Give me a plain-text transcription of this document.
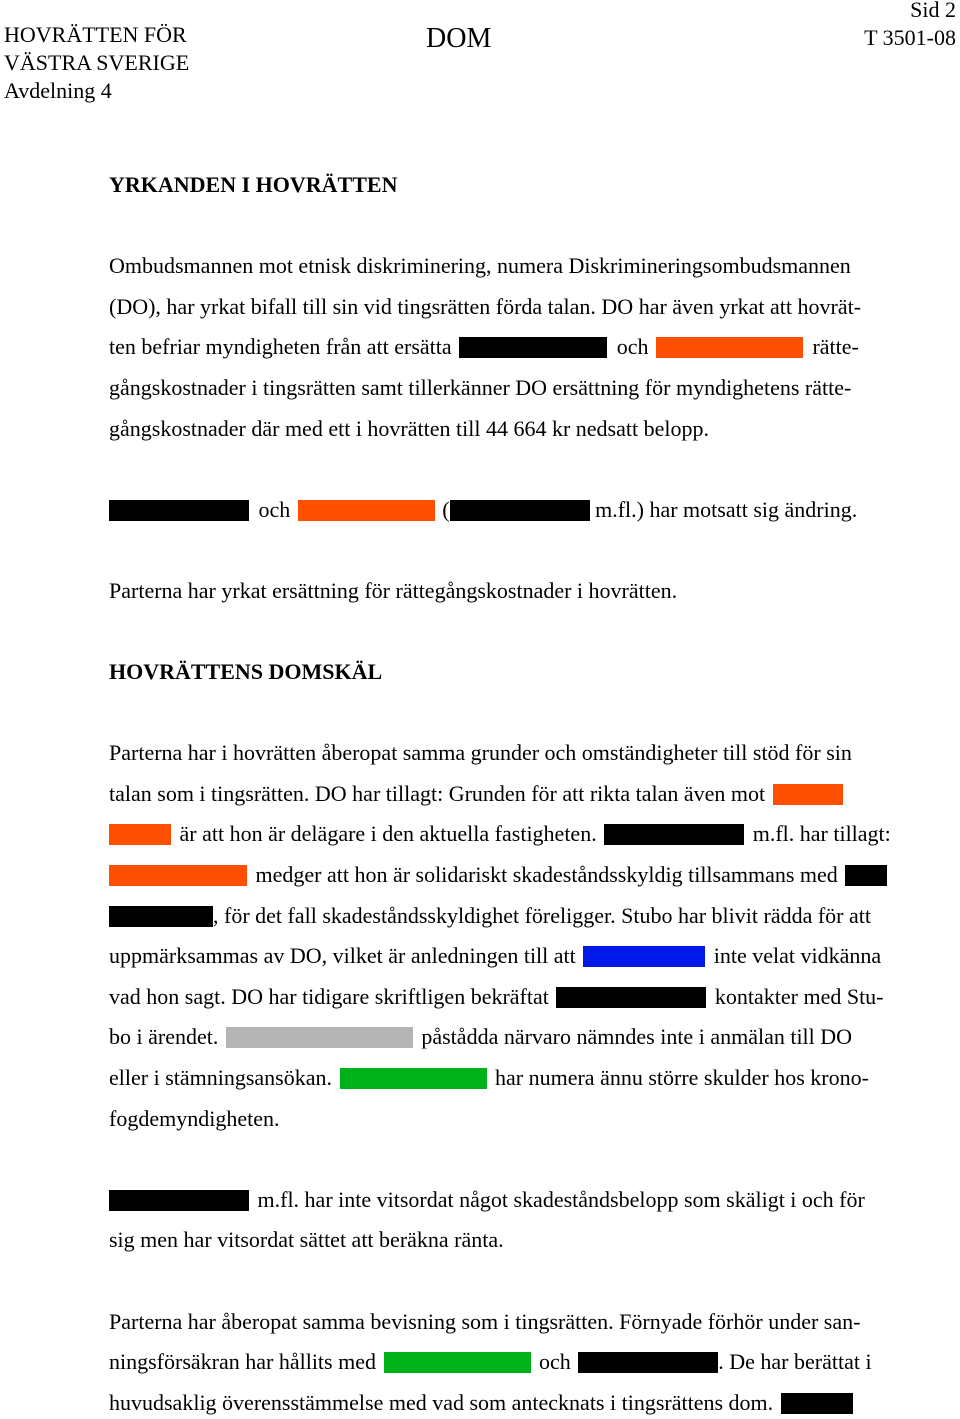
HOVRÄTTEN FÖR
VÄSTRA SVERIGE
Avdelning 4
DOM
Sid 2
T 3501-08
YRKANDEN I HOVRÄTTEN
Ombudsmannen mot etnisk diskriminering, numera Diskrimineringsombudsmannen
(DO), har yrkat bifall till sin vid tingsrätten förda talan. DO har även yrkat att hovrät-
ten befriar myndigheten från att ersätta	och	rätte-
gångskostnader i tingsrätten samt tillerkänner DO ersättning för myndighetens rätte-
gångskostnader där med ett i hovrätten till 44 664 kr nedsatt belopp.
och	(	m.fl.) har motsatt sig ändring.
Parterna har yrkat ersättning för rättegångskostnader i hovrätten.
HOVRÄTTENS DOMSKÄL
Parterna har i hovrätten åberopat samma grunder och omständigheter till stöd för sin
talan som i tingsrätten. DO har tillagt: Grunden för att rikta talan även mot
är att hon är delägare i den aktuella fastigheten.	m.fl. har tillagt:
medger att hon är solidariskt skadeståndsskyldig tillsammans med
, för det fall skadeståndsskyldighet föreligger. Stubo har blivit räddа för att
uppmärksammas av DO, vilket är anledningen till att	inte velat vidkänna
vad hon sagt. DO har tidigare skriftligen bekräftat	kontakter med Stu-
bo i ärendet.	påstådda närvaro nämndes inte i anmälan till DO
eller i stämningsansökan.	har numera ännu större skulder hos krono-
fogdemyndigheten.
m.fl. har inte vitsordat något skadeståndsbelopp som skäligt i och för
sig men har vitsordat sättet att beräkna ränta.
Parterna har åberopat samma bevisning som i tingsrätten. Förnyade förhör under san-
ningsförsäkran har hållits med	och	. De har berättat i
huvudsaklig överensstämmelse med vad som antecknats i tingsrättens dom.
